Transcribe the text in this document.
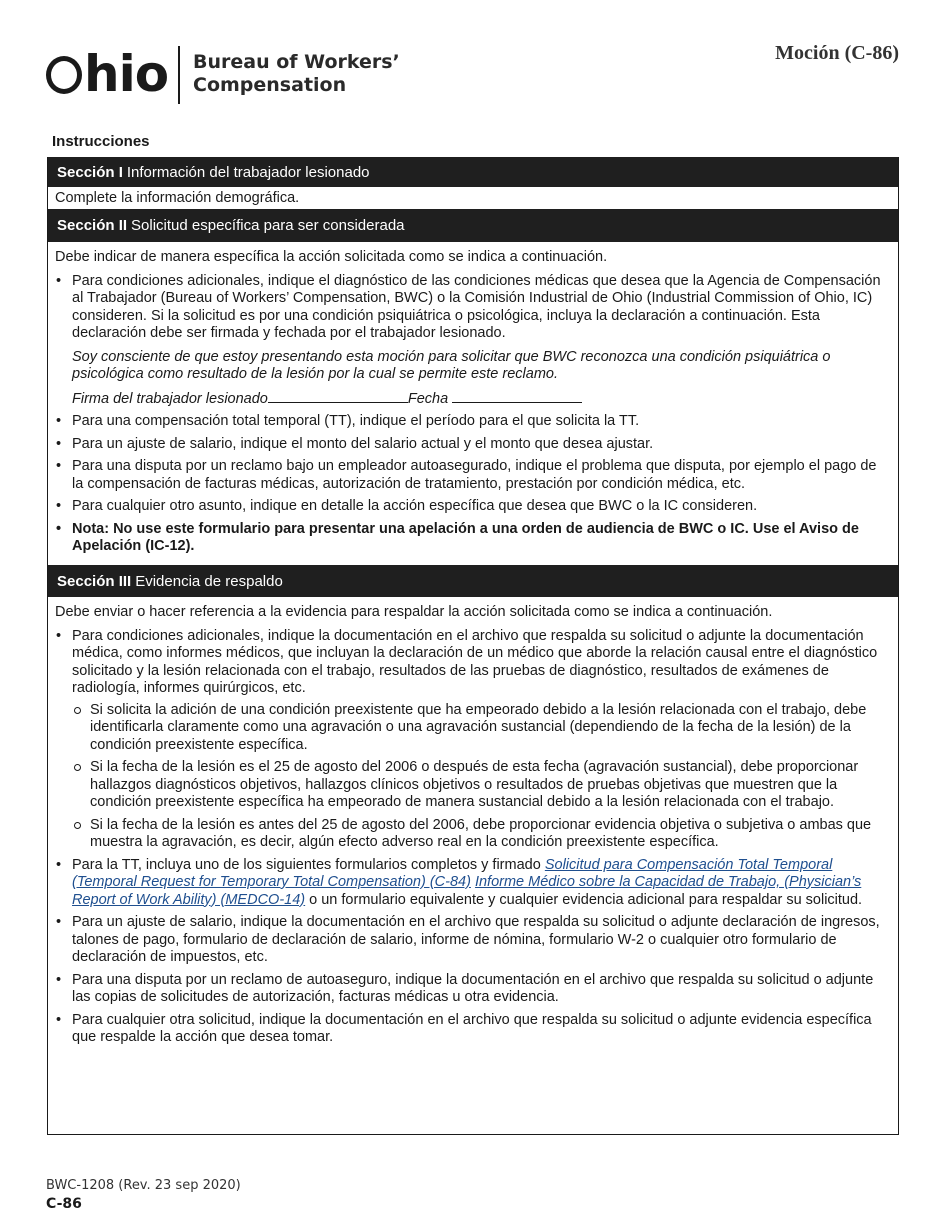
hio Bureau of Workers’
Compensation
Moción (C-86)
Instrucciones
Sección I Información del trabajador lesionado
Complete la información demográfica.
Sección II Solicitud específica para ser considerada
Debe indicar de manera específica la acción solicitada como se indica a continuación.
• Para condiciones adicionales, indique el diagnóstico de las condiciones médicas que desea que la Agencia de Compensación al Trabajador (Bureau of Workers’ Compensation, BWC) o la Comisión Industrial de Ohio (Industrial Commission of Ohio, IC) consideren. Si la solicitud es por una condición psiquiátrica o psicológica, incluya la declaración a continuación. Esta declaración debe ser firmada y fechada por el trabajador lesionado.
Soy consciente de que estoy presentando esta moción para solicitar que BWC reconozca una condición psiquiátrica o psicológica como resultado de la lesión por la cual se permite este reclamo.
Firma del trabajador lesionado	Fecha
• Para una compensación total temporal (TT), indique el período para el que solicita la TT.
• Para un ajuste de salario, indique el monto del salario actual y el monto que desea ajustar.
• Para una disputa por un reclamo bajo un empleador autoasegurado, indique el problema que disputa, por ejemplo el pago de la compensación de facturas médicas, autorización de tratamiento, prestación por condición médica, etc.
• Para cualquier otro asunto, indique en detalle la acción específica que desea que BWC o la IC consideren.
• Nota: No use este formulario para presentar una apelación a una orden de audiencia de BWC o IC. Use el Aviso de Apelación (IC-12).
Sección III Evidencia de respaldo
Debe enviar o hacer referencia a la evidencia para respaldar la acción solicitada como se indica a continuación.
• Para condiciones adicionales, indique la documentación en el archivo que respalda su solicitud o adjunte la documentación médica, como informes médicos, que incluyan la declaración de un médico que aborde la relación causal entre el diagnóstico solicitado y la lesión relacionada con el trabajo, resultados de las pruebas de diagnóstico, resultados de exámenes de radiología, informes quirúrgicos, etc.
Si solicita la adición de una condición preexistente que ha empeorado debido a la lesión relacionada con el trabajo, debe identificarla claramente como una agravación o una agravación sustancial (dependiendo de la fecha de la lesión) de la condición preexistente específica.
Si la fecha de la lesión es el 25 de agosto del 2006 o después de esta fecha (agravación sustancial), debe proporcionar hallazgos diagnósticos objetivos, hallazgos clínicos objetivos o resultados de pruebas objetivas que muestren que la condición preexistente específica ha empeorado de manera sustancial debido a la lesión relacionada con el trabajo.
Si la fecha de la lesión es antes del 25 de agosto del 2006, debe proporcionar evidencia objetiva o subjetiva o ambas que muestra la agravación, es decir, algún efecto adverso real en la condición preexistente específica.
• Para la TT, incluya uno de los siguientes formularios completos y firmado Solicitud para Compensación Total Temporal (Temporal Request for Temporary Total Compensation) (C-84) Informe Médico sobre la Capacidad de Trabajo, (Physician’s Report of Work Ability) (MEDCO-14) o un formulario equivalente y cualquier evidencia adicional para respaldar su solicitud.
• Para un ajuste de salario, indique la documentación en el archivo que respalda su solicitud o adjunte declaración de ingresos, talones de pago, formulario de declaración de salario, informe de nómina, formulario W-2 o cualquier otro formulario de declaración de impuestos, etc.
• Para una disputa por un reclamo de autoaseguro, indique la documentación en el archivo que respalda su solicitud o adjunte las copias de solicitudes de autorización, facturas médicas u otra evidencia.
• Para cualquier otra solicitud, indique la documentación en el archivo que respalda su solicitud o adjunte evidencia específica que respalde la acción que desea tomar.
BWC-1208 (Rev. 23 sep 2020)
C-86
